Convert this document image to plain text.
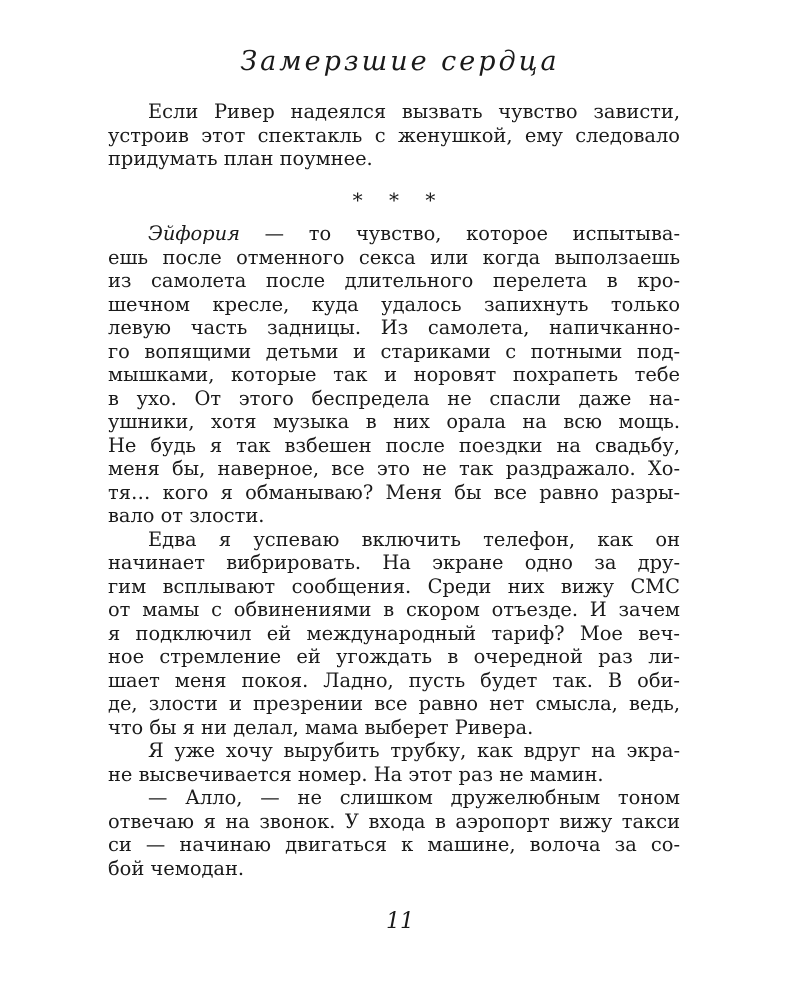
Замерзшие сердца
Если Ривер надеялся вызвать чувство зависти,
устроив этот спектакль с женушкой, ему следовало
придумать план поумнее.
* * *
Эйфория — то чувство, которое испытыва-
ешь после отменного секса или когда выползаешь
из самолета после длительного перелета в кро-
шечном кресле, куда удалось запихнуть только
левую часть задницы. Из самолета, напичканно-
го вопящими детьми и стариками с потными под-
мышками, которые так и норовят похрапеть тебе
в ухо. От этого беспредела не спасли даже на-
ушники, хотя музыка в них орала на всю мощь.
Не будь я так взбешен после поездки на свадьбу,
меня бы, наверное, все это не так раздражало. Хо-
тя… кого я обманываю? Меня бы все равно разры-
вало от злости.
Едва я успеваю включить телефон, как он
начинает вибрировать. На экране одно за дру-
гим всплывают сообщения. Среди них вижу СМС
от мамы с обвинениями в скором отъезде. И зачем
я подключил ей международный тариф? Мое веч-
ное стремление ей угождать в очередной раз ли-
шает меня покоя. Ладно, пусть будет так. В оби-
де, злости и презрении все равно нет смысла, ведь,
что бы я ни делал, мама выберет Ривера.
Я уже хочу вырубить трубку, как вдруг на экра-
не высвечивается номер. На этот раз не мамин.
— Алло, — не слишком дружелюбным тоном
отвечаю я на звонок. У входа в аэропорт вижу такси
си — начинаю двигаться к машине, волоча за со-
бой чемодан.
11
